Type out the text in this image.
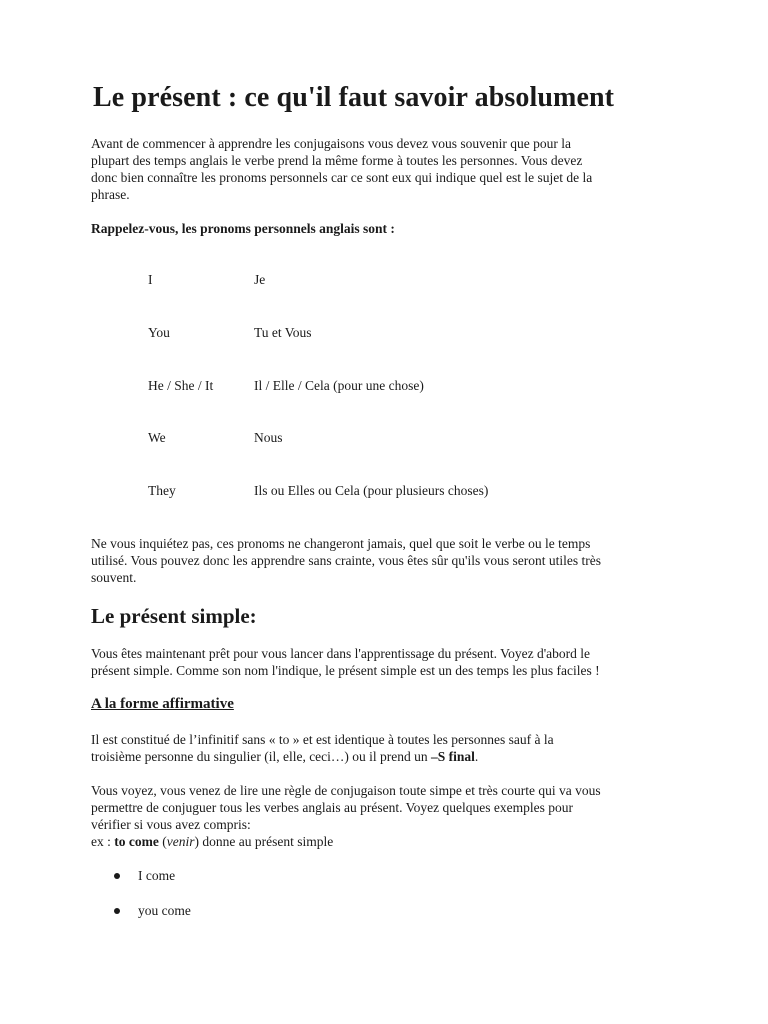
Le présent : ce qu'il faut savoir absolument
Avant de commencer à apprendre les conjugaisons vous devez vous souvenir que pour la
plupart des temps anglais le verbe prend la même forme à toutes les personnes. Vous devez
donc bien connaître les pronoms personnels car ce sont eux qui indique quel est le sujet de la
phrase.

Rappelez-vous, les pronoms personnels anglais sont :

I	Je
You	Tu et Vous
He / She / It	Il / Elle / Cela (pour une chose)
We	Nous
They	Ils ou Elles ou Cela (pour plusieurs choses)
Ne vous inquiétez pas, ces pronoms ne changeront jamais, quel que soit le verbe ou le temps
utilisé. Vous pouvez donc les apprendre sans crainte, vous êtes sûr qu'ils vous seront utiles très
souvent.
Le présent simple:
Vous êtes maintenant prêt pour vous lancer dans l'apprentissage du présent. Voyez d'abord le
présent simple. Comme son nom l'indique, le présent simple est un des temps les plus faciles !
A la forme affirmative
Il est constitué de l’infinitif sans « to » et est identique à toutes les personnes sauf à la
troisième personne du singulier (il, elle, ceci…) ou il prend un –S final.
Vous voyez, vous venez de lire une règle de conjugaison toute simpe et très courte qui va vous
permettre de conjuguer tous les verbes anglais au présent. Voyez quelques exemples pour
vérifier si vous avez compris:
ex : to come (venir) donne au présent simple
I come
you come
